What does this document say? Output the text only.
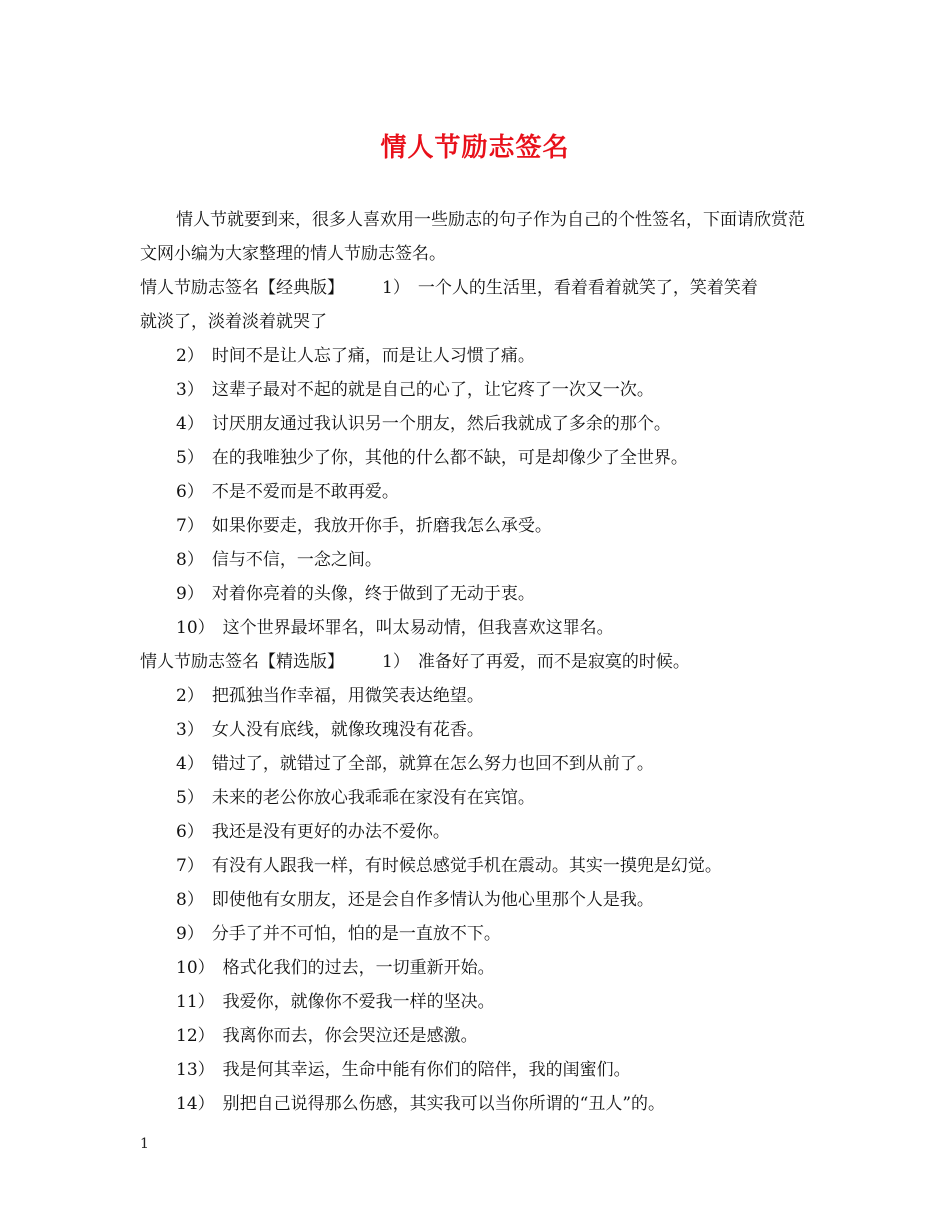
情人节励志签名

情人节就要到来，很多人喜欢用一些励志的句子作为自己的个性签名，下面请欣赏范文网小编为大家整理的情人节励志签名。

情人节励志签名【经典版】 1） 一个人的生活里，看着看着就笑了，笑着笑着

就淡了，淡着淡着就哭了

2） 时间不是让人忘了痛，而是让人习惯了痛。

3） 这辈子最对不起的就是自己的心了，让它疼了一次又一次。

4） 讨厌朋友通过我认识另一个朋友，然后我就成了多余的那个。

5） 在的我唯独少了你，其他的什么都不缺，可是却像少了全世界。

6） 不是不爱而是不敢再爱。

7） 如果你要走，我放开你手，折磨我怎么承受。

8） 信与不信，一念之间。

9） 对着你亮着的头像，终于做到了无动于衷。

10） 这个世界最坏罪名，叫太易动情，但我喜欢这罪名。

情人节励志签名【精选版】 1） 准备好了再爱，而不是寂寞的时候。

2） 把孤独当作幸福，用微笑表达绝望。

3） 女人没有底线，就像玫瑰没有花香。

4） 错过了，就错过了全部，就算在怎么努力也回不到从前了。

5） 未来的老公你放心我乖乖在家没有在宾馆。

6） 我还是没有更好的办法不爱你。

7） 有没有人跟我一样，有时候总感觉手机在震动。其实一摸兜是幻觉。

8） 即使他有女朋友，还是会自作多情认为他心里那个人是我。

9） 分手了并不可怕，怕的是一直放不下。

10） 格式化我们的过去，一切重新开始。

11） 我爱你，就像你不爱我一样的坚决。

12） 我离你而去，你会哭泣还是感激。

13） 我是何其幸运，生命中能有你们的陪伴，我的闺蜜们。

14） 别把自己说得那么伤感，其实我可以当你所谓的“丑人”的。

1
